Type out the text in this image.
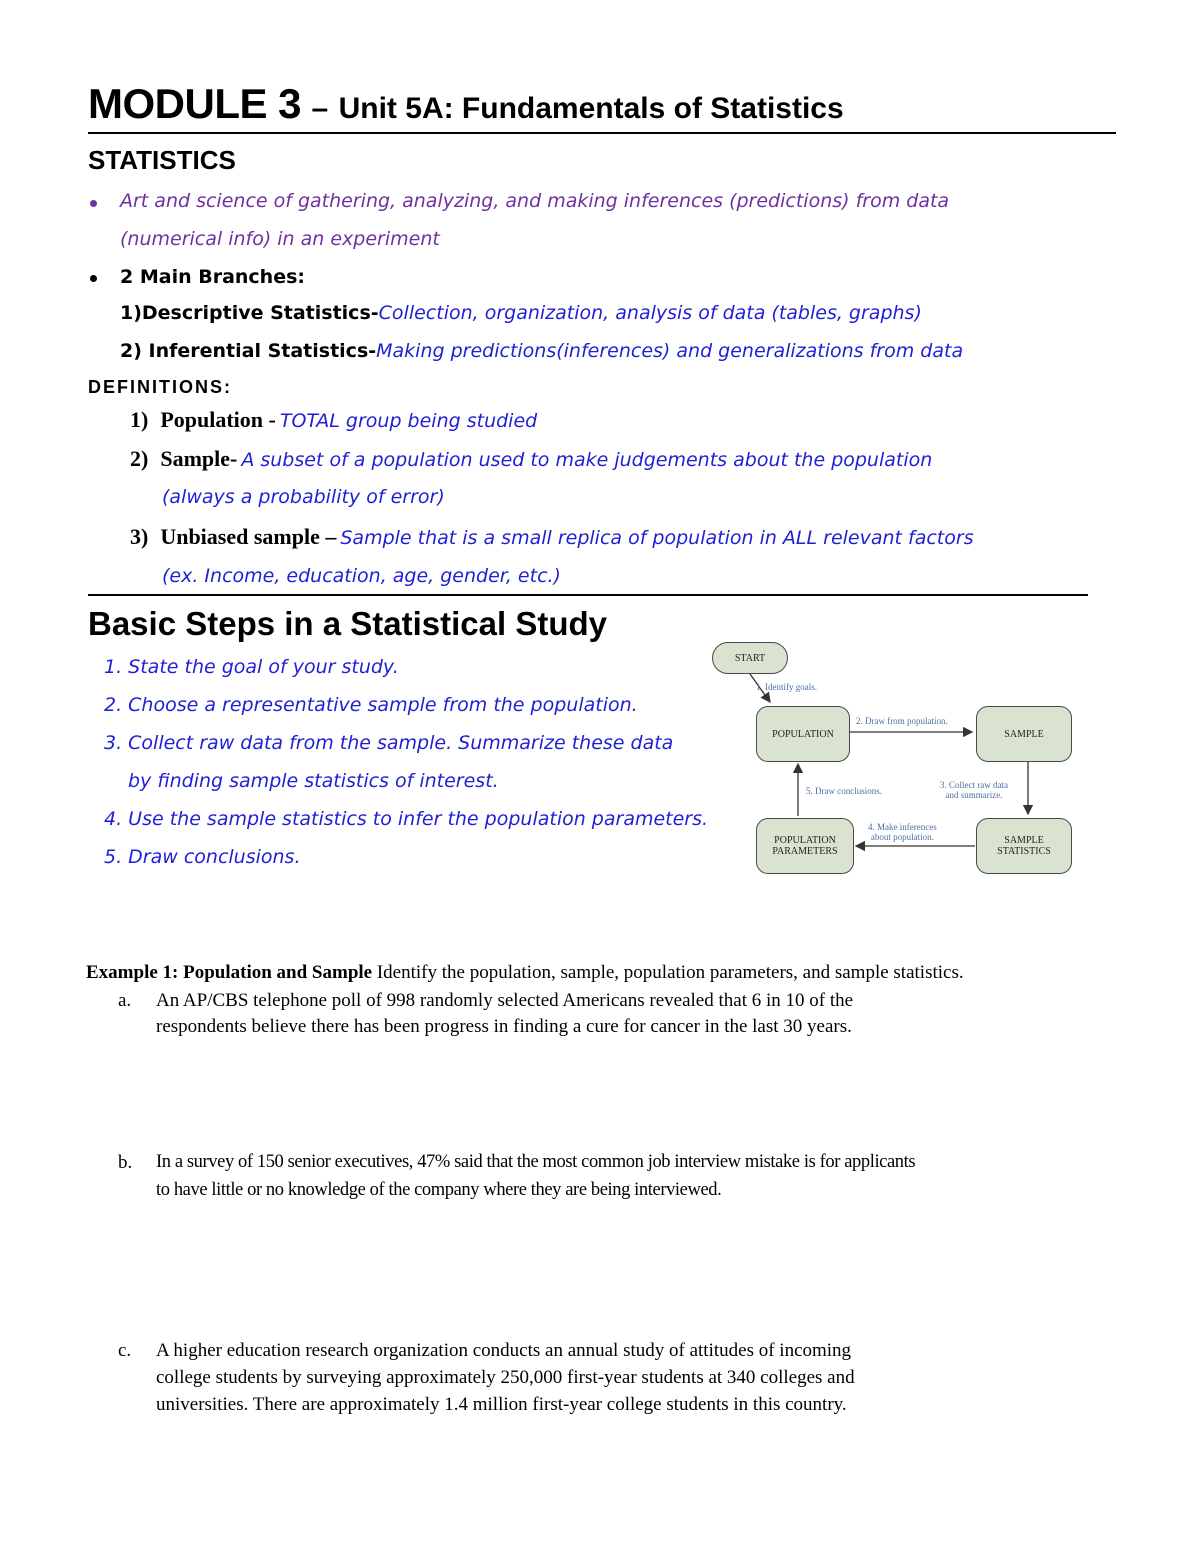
MODULE 3 – Unit 5A: Fundamentals of Statistics
STATISTICS
Art and science of gathering, analyzing, and making inferences (predictions) from data
(numerical info) in an experiment
2 Main Branches:
1)Descriptive Statistics-Collection, organization, analysis of data (tables, graphs)
2) Inferential Statistics-Making predictions(inferences) and generalizations from data
DEFINITIONS:
1) Population - TOTAL group being studied
2) Sample- A subset of a population used to make judgements about the population
(always a probability of error)
3) Unbiased sample – Sample that is a small replica of population in ALL relevant factors
(ex. Income, education, age, gender, etc.)
Basic Steps in a Statistical Study
1. State the goal of your study.
2. Choose a representative sample from the population.
3. Collect raw data from the sample. Summarize these data
by finding sample statistics of interest.
4. Use the sample statistics to infer the population parameters.
5. Draw conclusions.
START
POPULATION	SAMPLE
POPULATION
PARAMETERS
SAMPLE
STATISTICS
1. Identify goals.
2. Draw from population.
3. Collect raw data
and summarize.
4. Make inferences
about population.
5. Draw conclusions.
Example 1: Population and Sample Identify the population, sample, population parameters, and sample statistics.
a. An AP/CBS telephone poll of 998 randomly selected Americans revealed that 6 in 10 of the
respondents believe there has been progress in finding a cure for cancer in the last 30 years.
b. In a survey of 150 senior executives, 47% said that the most common job interview mistake is for applicants
to have little or no knowledge of the company where they are being interviewed.
c. A higher education research organization conducts an annual study of attitudes of incoming
college students by surveying approximately 250,000 first-year students at 340 colleges and
universities. There are approximately 1.4 million first-year college students in this country.
